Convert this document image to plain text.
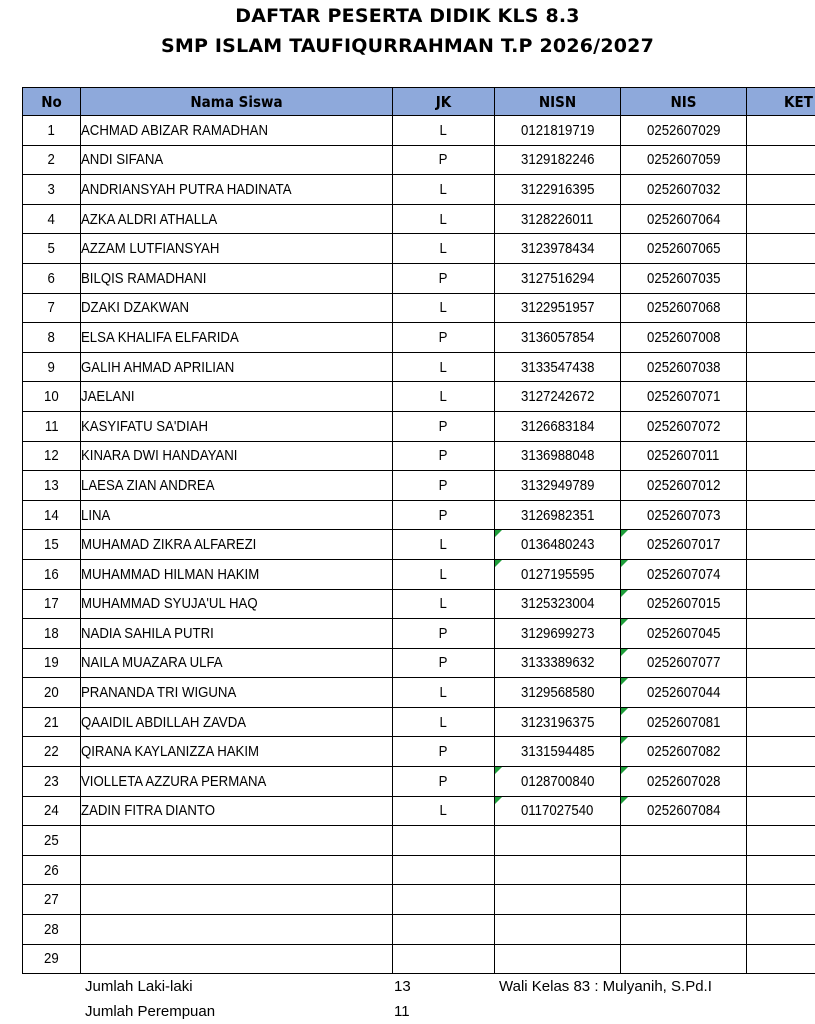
DAFTAR PESERTA DIDIK KLS 8.3
SMP ISLAM TAUFIQURRAHMAN T.P 2026/2027
No	Nama Siswa	JK	NISN	NIS	KET
1	ACHMAD ABIZAR RAMADHAN	L	0121819719	0252607029	
2	ANDI SIFANA	P	3129182246	0252607059	
3	ANDRIANSYAH PUTRA HADINATA	L	3122916395	0252607032	
4	AZKA ALDRI ATHALLA	L	3128226011	0252607064	
5	AZZAM LUTFIANSYAH	L	3123978434	0252607065	
6	BILQIS RAMADHANI	P	3127516294	0252607035	
7	DZAKI DZAKWAN	L	3122951957	0252607068	
8	ELSA KHALIFA ELFARIDA	P	3136057854	0252607008	
9	GALIH AHMAD APRILIAN	L	3133547438	0252607038	
10	JAELANI	L	3127242672	0252607071	
11	KASYIFATU SA'DIAH	P	3126683184	0252607072	
12	KINARA DWI HANDAYANI	P	3136988048	0252607011	
13	LAESA ZIAN ANDREA	P	3132949789	0252607012	
14	LINA	P	3126982351	0252607073	
15	MUHAMAD ZIKRA ALFAREZI	L	0136480243	0252607017	
16	MUHAMMAD HILMAN HAKIM	L	0127195595	0252607074	
17	MUHAMMAD SYUJA'UL HAQ	L	3125323004	0252607015	
18	NADIA SAHILA PUTRI	P	3129699273	0252607045	
19	NAILA MUAZARA ULFA	P	3133389632	0252607077	
20	PRANANDA TRI WIGUNA	L	3129568580	0252607044	
21	QAAIDIL ABDILLAH ZAVDA	L	3123196375	0252607081	
22	QIRANA KAYLANIZZA HAKIM	P	3131594485	0252607082	
23	VIOLLETA AZZURA PERMANA	P	0128700840	0252607028	
24	ZADIN FITRA DIANTO	L	0117027540	0252607084	
25					
26					
27					
28					
29					
Jumlah Laki-laki	13
Jumlah Perempuan	11
Wali Kelas 83 : Mulyanih, S.Pd.I
